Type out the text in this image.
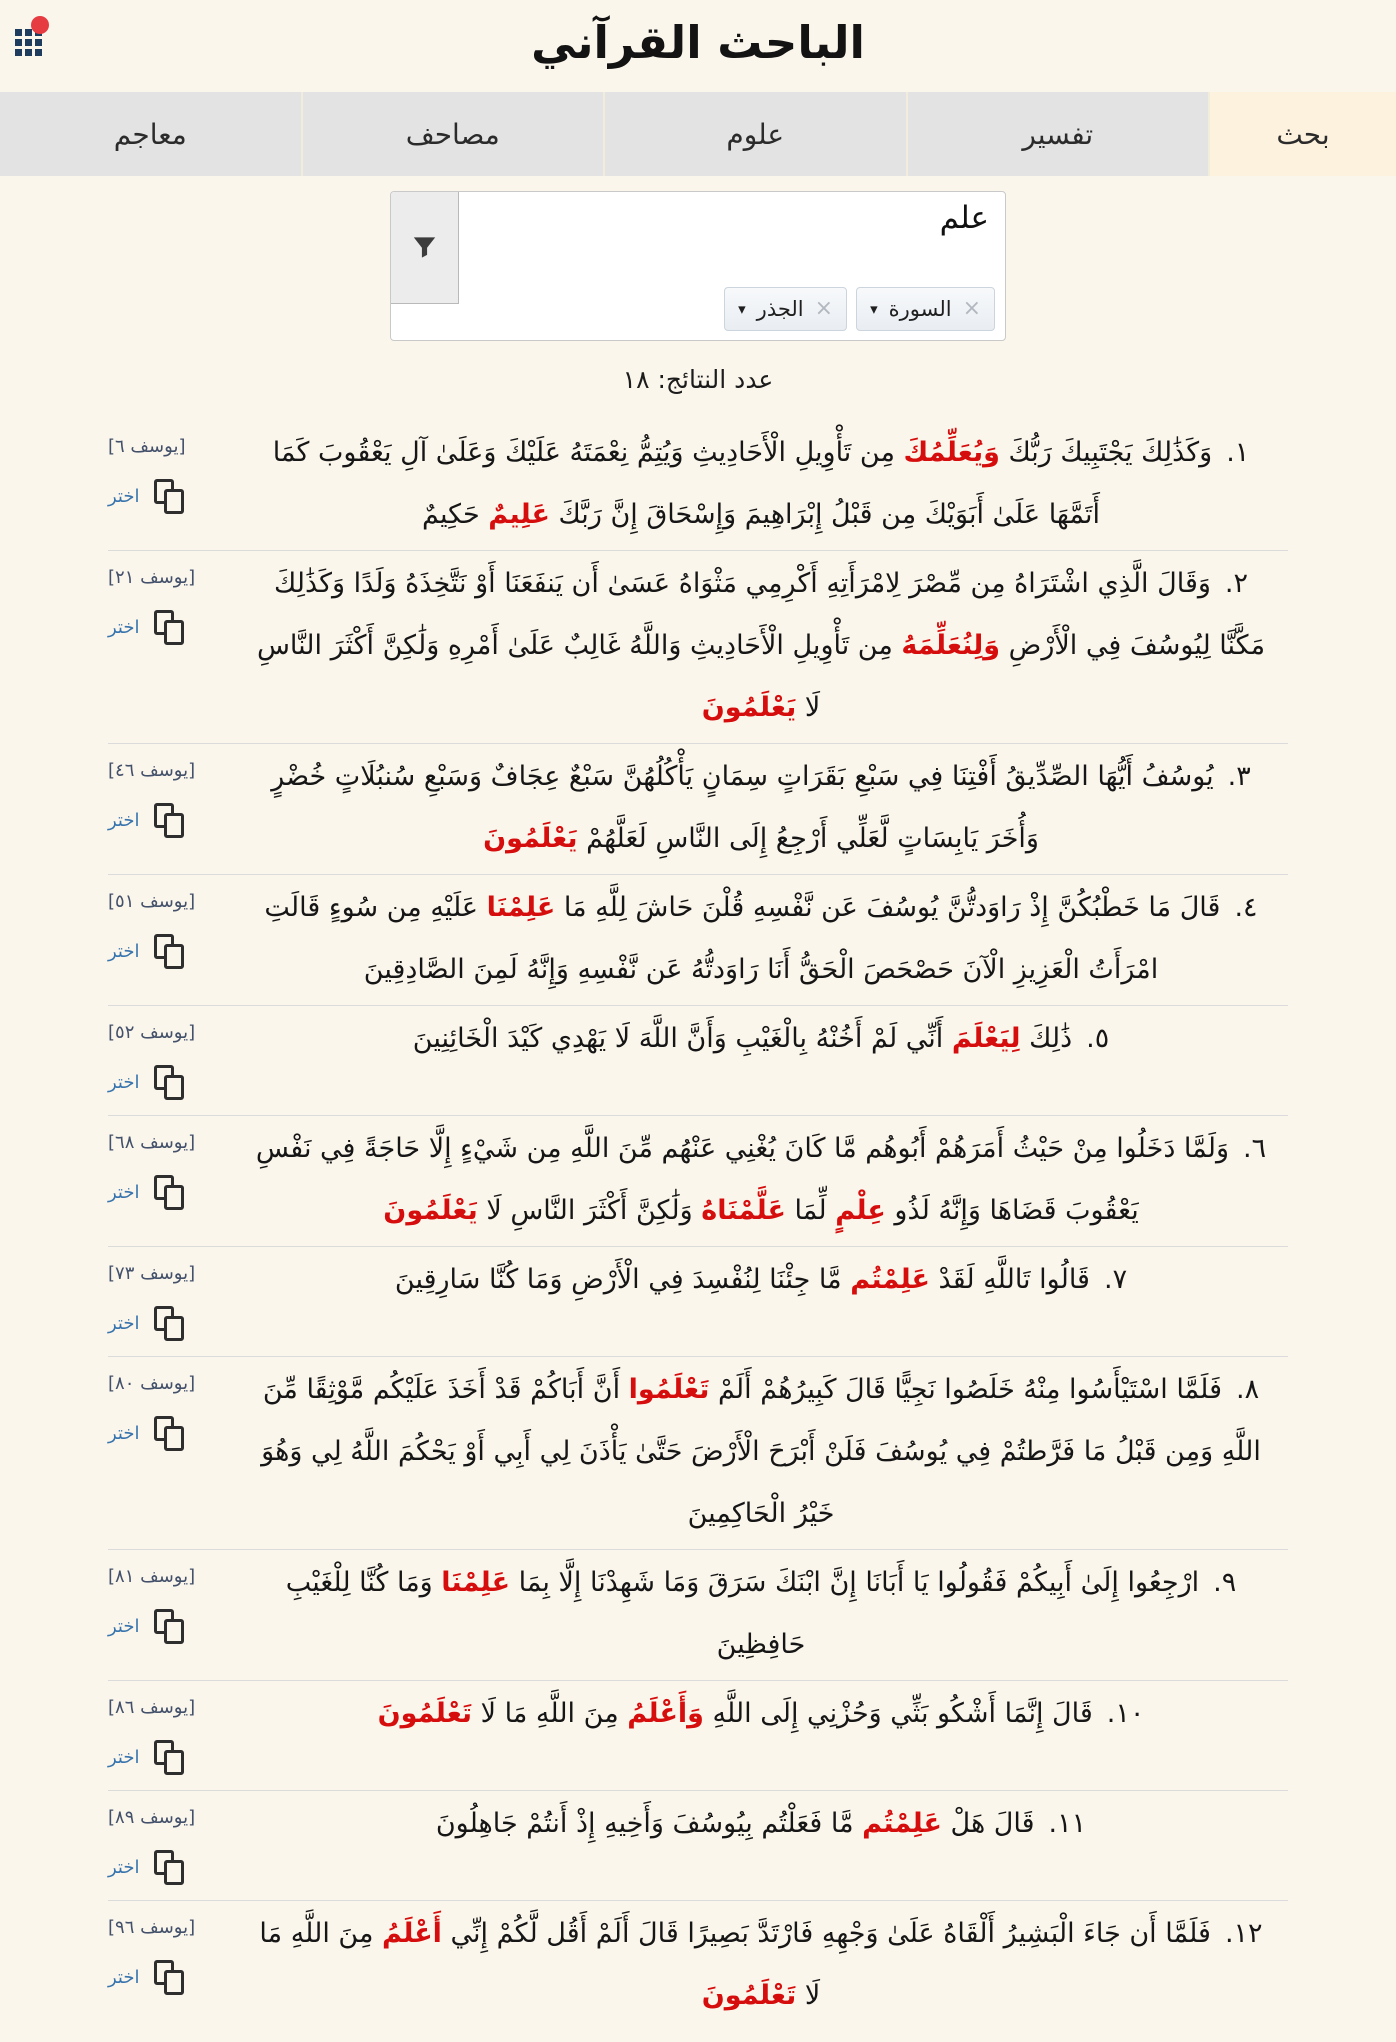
الباحث القرآني
بحث
تفسير
علوم
مصاحف
معاجم
علم
×
السورة
▾
×
الجذر
▾
عدد النتائج: ١٨
١.وَكَذَٰلِكَ يَجْتَبِيكَ رَبُّكَ وَيُعَلِّمُكَ مِن تَأْوِيلِ الْأَحَادِيثِ وَيُتِمُّ نِعْمَتَهُ عَلَيْكَ وَعَلَىٰ آلِ يَعْقُوبَ كَمَا أَتَمَّهَا عَلَىٰ أَبَوَيْكَ مِن قَبْلُ إِبْرَاهِيمَ وَإِسْحَاقَ إِنَّ رَبَّكَ عَلِيمٌ حَكِيمٌ
[يوسف ٦]
اختر
٢.وَقَالَ الَّذِي اشْتَرَاهُ مِن مِّصْرَ لِامْرَأَتِهِ أَكْرِمِي مَثْوَاهُ عَسَىٰ أَن يَنفَعَنَا أَوْ نَتَّخِذَهُ وَلَدًا وَكَذَٰلِكَ مَكَّنَّا لِيُوسُفَ فِي الْأَرْضِ وَلِنُعَلِّمَهُ مِن تَأْوِيلِ الْأَحَادِيثِ وَاللَّهُ غَالِبٌ عَلَىٰ أَمْرِهِ وَلَٰكِنَّ أَكْثَرَ النَّاسِ لَا يَعْلَمُونَ
[يوسف ٢١]
اختر
٣.يُوسُفُ أَيُّهَا الصِّدِّيقُ أَفْتِنَا فِي سَبْعِ بَقَرَاتٍ سِمَانٍ يَأْكُلُهُنَّ سَبْعٌ عِجَافٌ وَسَبْعِ سُنبُلَاتٍ خُضْرٍ وَأُخَرَ يَابِسَاتٍ لَّعَلِّي أَرْجِعُ إِلَى النَّاسِ لَعَلَّهُمْ يَعْلَمُونَ
[يوسف ٤٦]
اختر
٤.قَالَ مَا خَطْبُكُنَّ إِذْ رَاوَدتُّنَّ يُوسُفَ عَن نَّفْسِهِ قُلْنَ حَاشَ لِلَّهِ مَا عَلِمْنَا عَلَيْهِ مِن سُوءٍ قَالَتِ امْرَأَتُ الْعَزِيزِ الْآنَ حَصْحَصَ الْحَقُّ أَنَا رَاوَدتُّهُ عَن نَّفْسِهِ وَإِنَّهُ لَمِنَ الصَّادِقِينَ
[يوسف ٥١]
اختر
٥.ذَٰلِكَ لِيَعْلَمَ أَنِّي لَمْ أَخُنْهُ بِالْغَيْبِ وَأَنَّ اللَّهَ لَا يَهْدِي كَيْدَ الْخَائِنِينَ
[يوسف ٥٢]
اختر
٦.وَلَمَّا دَخَلُوا مِنْ حَيْثُ أَمَرَهُمْ أَبُوهُم مَّا كَانَ يُغْنِي عَنْهُم مِّنَ اللَّهِ مِن شَيْءٍ إِلَّا حَاجَةً فِي نَفْسِ يَعْقُوبَ قَضَاهَا وَإِنَّهُ لَذُو عِلْمٍ لِّمَا عَلَّمْنَاهُ وَلَٰكِنَّ أَكْثَرَ النَّاسِ لَا يَعْلَمُونَ
[يوسف ٦٨]
اختر
٧.قَالُوا تَاللَّهِ لَقَدْ عَلِمْتُم مَّا جِئْنَا لِنُفْسِدَ فِي الْأَرْضِ وَمَا كُنَّا سَارِقِينَ
[يوسف ٧٣]
اختر
٨.فَلَمَّا اسْتَيْأَسُوا مِنْهُ خَلَصُوا نَجِيًّا قَالَ كَبِيرُهُمْ أَلَمْ تَعْلَمُوا أَنَّ أَبَاكُمْ قَدْ أَخَذَ عَلَيْكُم مَّوْثِقًا مِّنَ اللَّهِ وَمِن قَبْلُ مَا فَرَّطتُمْ فِي يُوسُفَ فَلَنْ أَبْرَحَ الْأَرْضَ حَتَّىٰ يَأْذَنَ لِي أَبِي أَوْ يَحْكُمَ اللَّهُ لِي وَهُوَ خَيْرُ الْحَاكِمِينَ
[يوسف ٨٠]
اختر
٩.ارْجِعُوا إِلَىٰ أَبِيكُمْ فَقُولُوا يَا أَبَانَا إِنَّ ابْنَكَ سَرَقَ وَمَا شَهِدْنَا إِلَّا بِمَا عَلِمْنَا وَمَا كُنَّا لِلْغَيْبِ حَافِظِينَ
[يوسف ٨١]
اختر
١٠.قَالَ إِنَّمَا أَشْكُو بَثِّي وَحُزْنِي إِلَى اللَّهِ وَأَعْلَمُ مِنَ اللَّهِ مَا لَا تَعْلَمُونَ
[يوسف ٨٦]
اختر
١١.قَالَ هَلْ عَلِمْتُم مَّا فَعَلْتُم بِيُوسُفَ وَأَخِيهِ إِذْ أَنتُمْ جَاهِلُونَ
[يوسف ٨٩]
اختر
١٢.فَلَمَّا أَن جَاءَ الْبَشِيرُ أَلْقَاهُ عَلَىٰ وَجْهِهِ فَارْتَدَّ بَصِيرًا قَالَ أَلَمْ أَقُل لَّكُمْ إِنِّي أَعْلَمُ مِنَ اللَّهِ مَا لَا تَعْلَمُونَ
[يوسف ٩٦]
اختر
